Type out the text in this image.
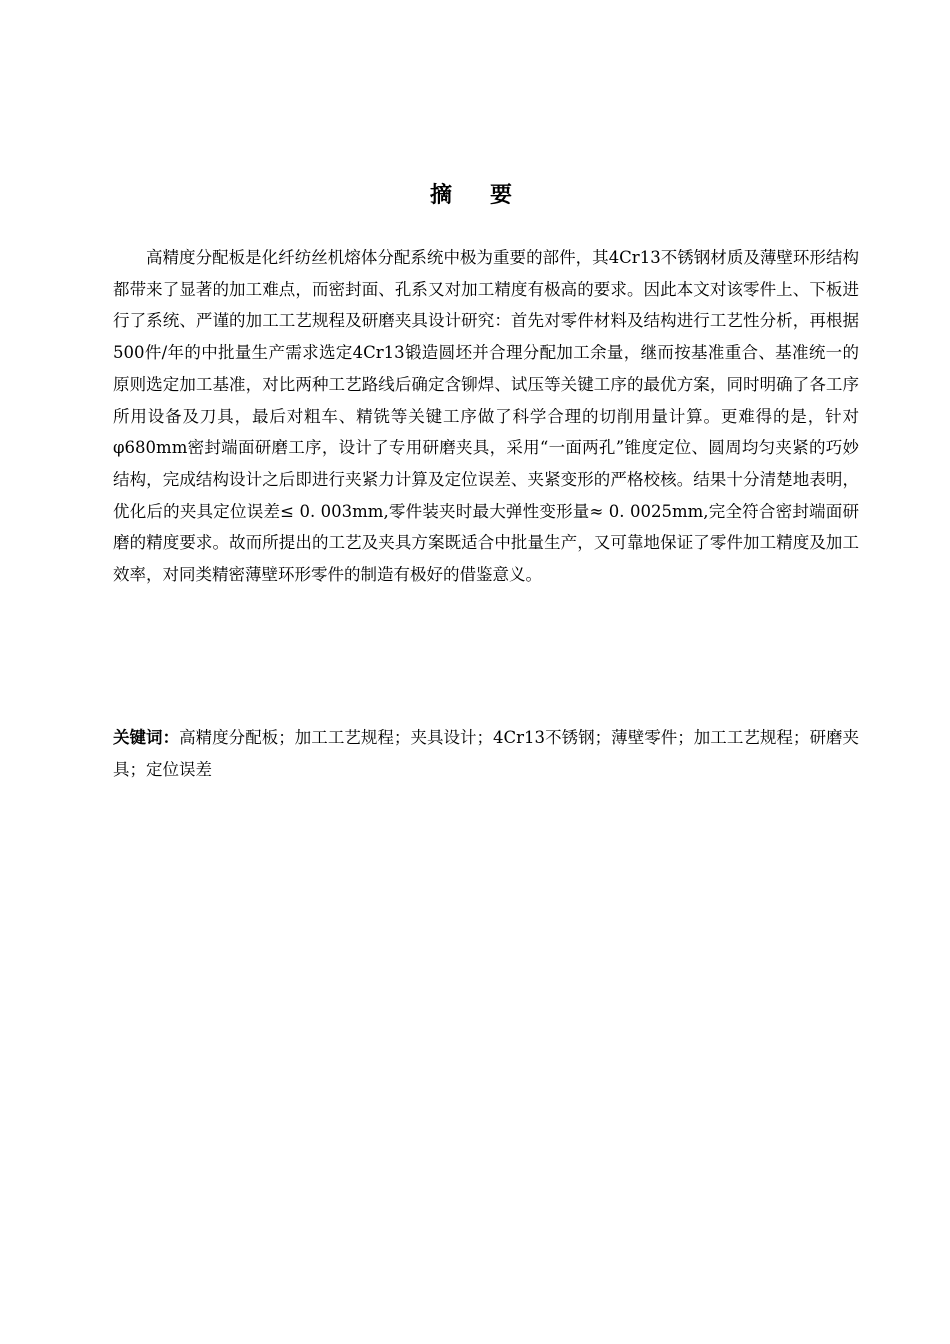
摘　要

高精度分配板是化纤纺丝机熔体分配系统中极为重要的部件，其4Cr13不锈钢材质及薄壁环形结构都带来了显著的加工难点，而密封面、孔系又对加工精度有极高的要求。因此本文对该零件上、下板进行了系统、严谨的加工工艺规程及研磨夹具设计研究：首先对零件材料及结构进行工艺性分析，再根据500件/年的中批量生产需求选定4Cr13锻造圆坯并合理分配加工余量，继而按基准重合、基准统一的原则选定加工基准，对比两种工艺路线后确定含铆焊、试压等关键工序的最优方案，同时明确了各工序所用设备及刀具，最后对粗车、精铣等关键工序做了科学合理的切削用量计算。更难得的是，针对φ680mm密封端面研磨工序，设计了专用研磨夹具，采用“一面两孔”锥度定位、圆周均匀夹紧的巧妙结构，完成结构设计之后即进行夹紧力计算及定位误差、夹紧变形的严格校核。结果十分清楚地表明，优化后的夹具定位误差≤ 0. 003mm,零件装夹时最大弹性变形量≈ 0. 0025mm,完全符合密封端面研磨的精度要求。故而所提出的工艺及夹具方案既适合中批量生产，又可靠地保证了零件加工精度及加工效率，对同类精密薄壁环形零件的制造有极好的借鉴意义。

关键词：高精度分配板；加工工艺规程；夹具设计；4Cr13不锈钢；薄壁零件；加工工艺规程；研磨夹具；定位误差
